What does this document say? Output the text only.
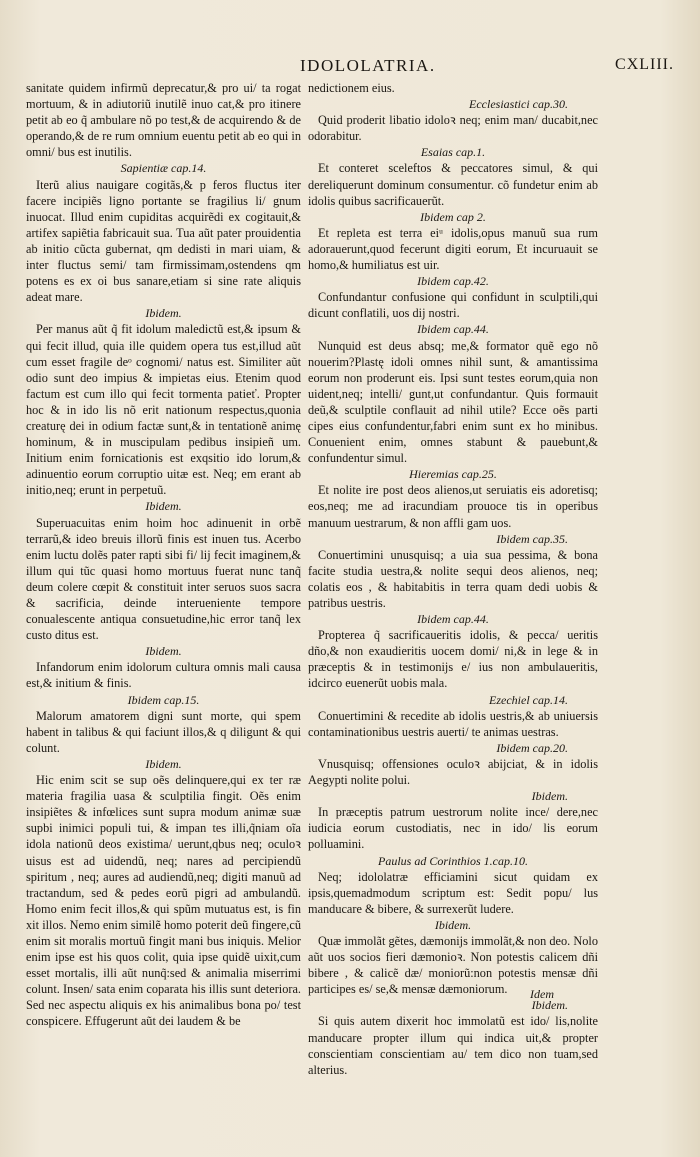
IDOLOLATRIA.	CXLIII.

sanitate quidem infirmũ deprecatur,& pro ui/ ta rogat mortuum, & in adiutoriũ inutilẽ inuo cat,& pro itinere petit ab eo q̃ ambulare nõ po test,& de acquirendo & de operando,& de re rum omnium euentu petit ab eo qui in omni/ bus est inutilis.

Sapientiæ cap.14.

Iterũ alius nauigare cogitãs,& p feros fluctus iter facere incipiẽs ligno portante se fragilius li/ gnum inuocat. Illud enim cupiditas acquirẽdi ex cogitauit,& artifex sapiẽtia fabricauit sua. Tua aũt pater prouidentia ab initio cũcta gubernat, qm dedisti in mari uiam, & inter fluctus semi/ tam firmissimam,ostendens qm potens es ex oi bus sanare,etiam si sine rate aliquis adeat mare.

Ibidem.

Per manus aũt q̃ fit idolum maledictũ est,& ipsum & qui fecit illud, quia ille quidem opera tus est,illud aũt cum esset fragile deᵒ cognomi/ natus est. Similiter aũt odio sunt deo impius & impietas eius. Etenim quod factum est cum illo qui fecit tormenta patieť. Propter hoc & in ido lis nõ erit nationum respectus,quonia creaturę dei in odium factæ sunt,& in tentationẽ animę hominum, & in muscipulam pedibus insipieñ um. Initium enim fornicationis est exqsitio ido lorum,& adinuentio eorum corruptio uitæ est. Neq; em erant ab initio,neq; erunt in perpetuũ.

Ibidem.

Superuacuitas enim hoim hoc adinuenit in orbẽ terrarũ,& ideo breuis illorũ finis est inuen tus. Acerbo enim luctu dolẽs pater rapti sibi fi/ lij fecit imaginem,& illum qui tũc quasi homo mortuus fuerat nunc tanq̃ deum colere cœpit & constituit inter seruos suos sacra & sacrificia, deinde interueniente tempore conualescente antiqua consuetudine,hic error tanq̃ lex custo ditus est.

Ibidem.

Infandorum enim idolorum cultura omnis mali causa est,& initium & finis.

Ibidem cap.15.

Malorum amatorem digni sunt morte, qui spem habent in talibus & qui faciunt illos,& q diligunt & qui colunt.

Ibidem.

Hic enim scit se sup oẽs delinquere,qui ex ter ræ materia fragilia uasa & sculptilia fingit. Oẽs enim insipiẽtes & infœlices sunt supra modum animæ suæ supbi inimici populi tui, & impan tes illi,q̃niam oĩa idola nationũ deos existima/ uerunt,qbus neq; oculoꝛ uisus est ad uidendũ, neq; nares ad percipiendũ spiritum , neq; aures ad audiendũ,neq; digiti manuũ ad tractandum, sed & pedes eorũ pigri ad ambulandũ. Homo enim fecit illos,& qui spũm mutuatus est, is fin xit illos. Nemo enim similẽ homo poterit deũ fingere,cũ enim sit moralis mortuũ fingit mani bus iniquis. Melior enim ipse est his quos colit, quia ipse quidẽ uixit,cum esset mortalis, illi aũt nunq̃:sed & animalia miserrimi colunt. Insen/ sata enim coparata his illis sunt deteriora. Sed nec aspectu aliquis ex his animalibus bona po/ test conspicere. Effugerunt aũt dei laudem & be

nedictionem eius.

Ecclesiastici cap.30.

Quid proderit libatio idoloꝛ neq; enim man/ ducabit,nec odorabitur.

Esaias cap.1.

Et conteret sceleftos & peccatores simul, & qui dereliquerunt dominum consumentur. cõ fundetur enim ab idolis quibus sacrificauerũt.

Ibidem cap 2.

Et repleta est terra eiᵘ idolis,opus manuũ sua rum adorauerunt,quod fecerunt digiti eorum, Et incuruauit se homo,& humiliatus est uir.

Ibidem cap.42.

Confundantur confusione qui confidunt in sculptili,qui dicunt conflatili, uos dij nostri.

Ibidem cap.44.

Nunquid est deus absq; me,& formator quẽ ego nõ nouerim?Plastę idoli omnes nihil sunt, & amantissima eorum non proderunt eis. Ipsi sunt testes eorum,quia non uident,neq; intelli/ gunt,ut confundantur. Quis formauit deũ,& sculptile conflauit ad nihil utile? Ecce oẽs parti cipes eius confundentur,fabri enim sunt ex ho minibus. Conuenient enim, omnes stabunt & pauebunt,& confundentur simul.

Hieremias cap.25.

Et nolite ire post deos alienos,ut seruiatis eis adoretisq; eos,neq; me ad iracundiam prouoce tis in operibus manuum uestrarum, & non affli gam uos.

Ibidem cap.35.

Conuertimini unusquisq; a uia sua pessima, & bona facite studia uestra,& nolite sequi deos alienos, neq; colatis eos , & habitabitis in terra quam dedi uobis & patribus uestris.

Ibidem cap.44.

Propterea q̃ sacrificaueritis idolis, & pecca/ ueritis dño,& non exaudieritis uocem domi/ ni,& in lege & in præceptis & in testimonijs e/ ius non ambulaueritis, idcirco euenerũt uobis mala.

Ezechiel cap.14.

Conuertimini & recedite ab idolis uestris,& ab uniuersis contaminationibus uestris auerti/ te animas uestras.

Ibidem cap.20.

Vnusquisq; offensiones oculoꝛ abijciat, & in idolis Aegypti nolite polui.

Ibidem.

In præceptis patrum uestrorum nolite ince/ dere,nec iudicia eorum custodiatis, nec in ido/ lis eorum polluamini.

Paulus ad Corinthios 1.cap.10.

Neq; idololatræ efficiamini sicut quidam ex ipsis,quemadmodum scriptum est: Sedit popu/ lus manducare & bibere, & surrexerũt ludere.

Ibidem.

Quæ immolãt gẽtes, dæmonijs immolãt,& non deo. Nolo aũt uos socios fieri dæmonioꝛ. Non potestis calicem dñi bibere , & calicẽ dæ/ moniorũ:non potestis mensæ dñi participes es/ se,& mensæ dæmoniorum.

Ibidem.

Si quis autem dixerit hoc immolatũ est ido/ lis,nolite manducare propter illum qui indica uit,& propter conscientiam conscientiam au/ tem dico non tuam,sed alterius.

Idem
